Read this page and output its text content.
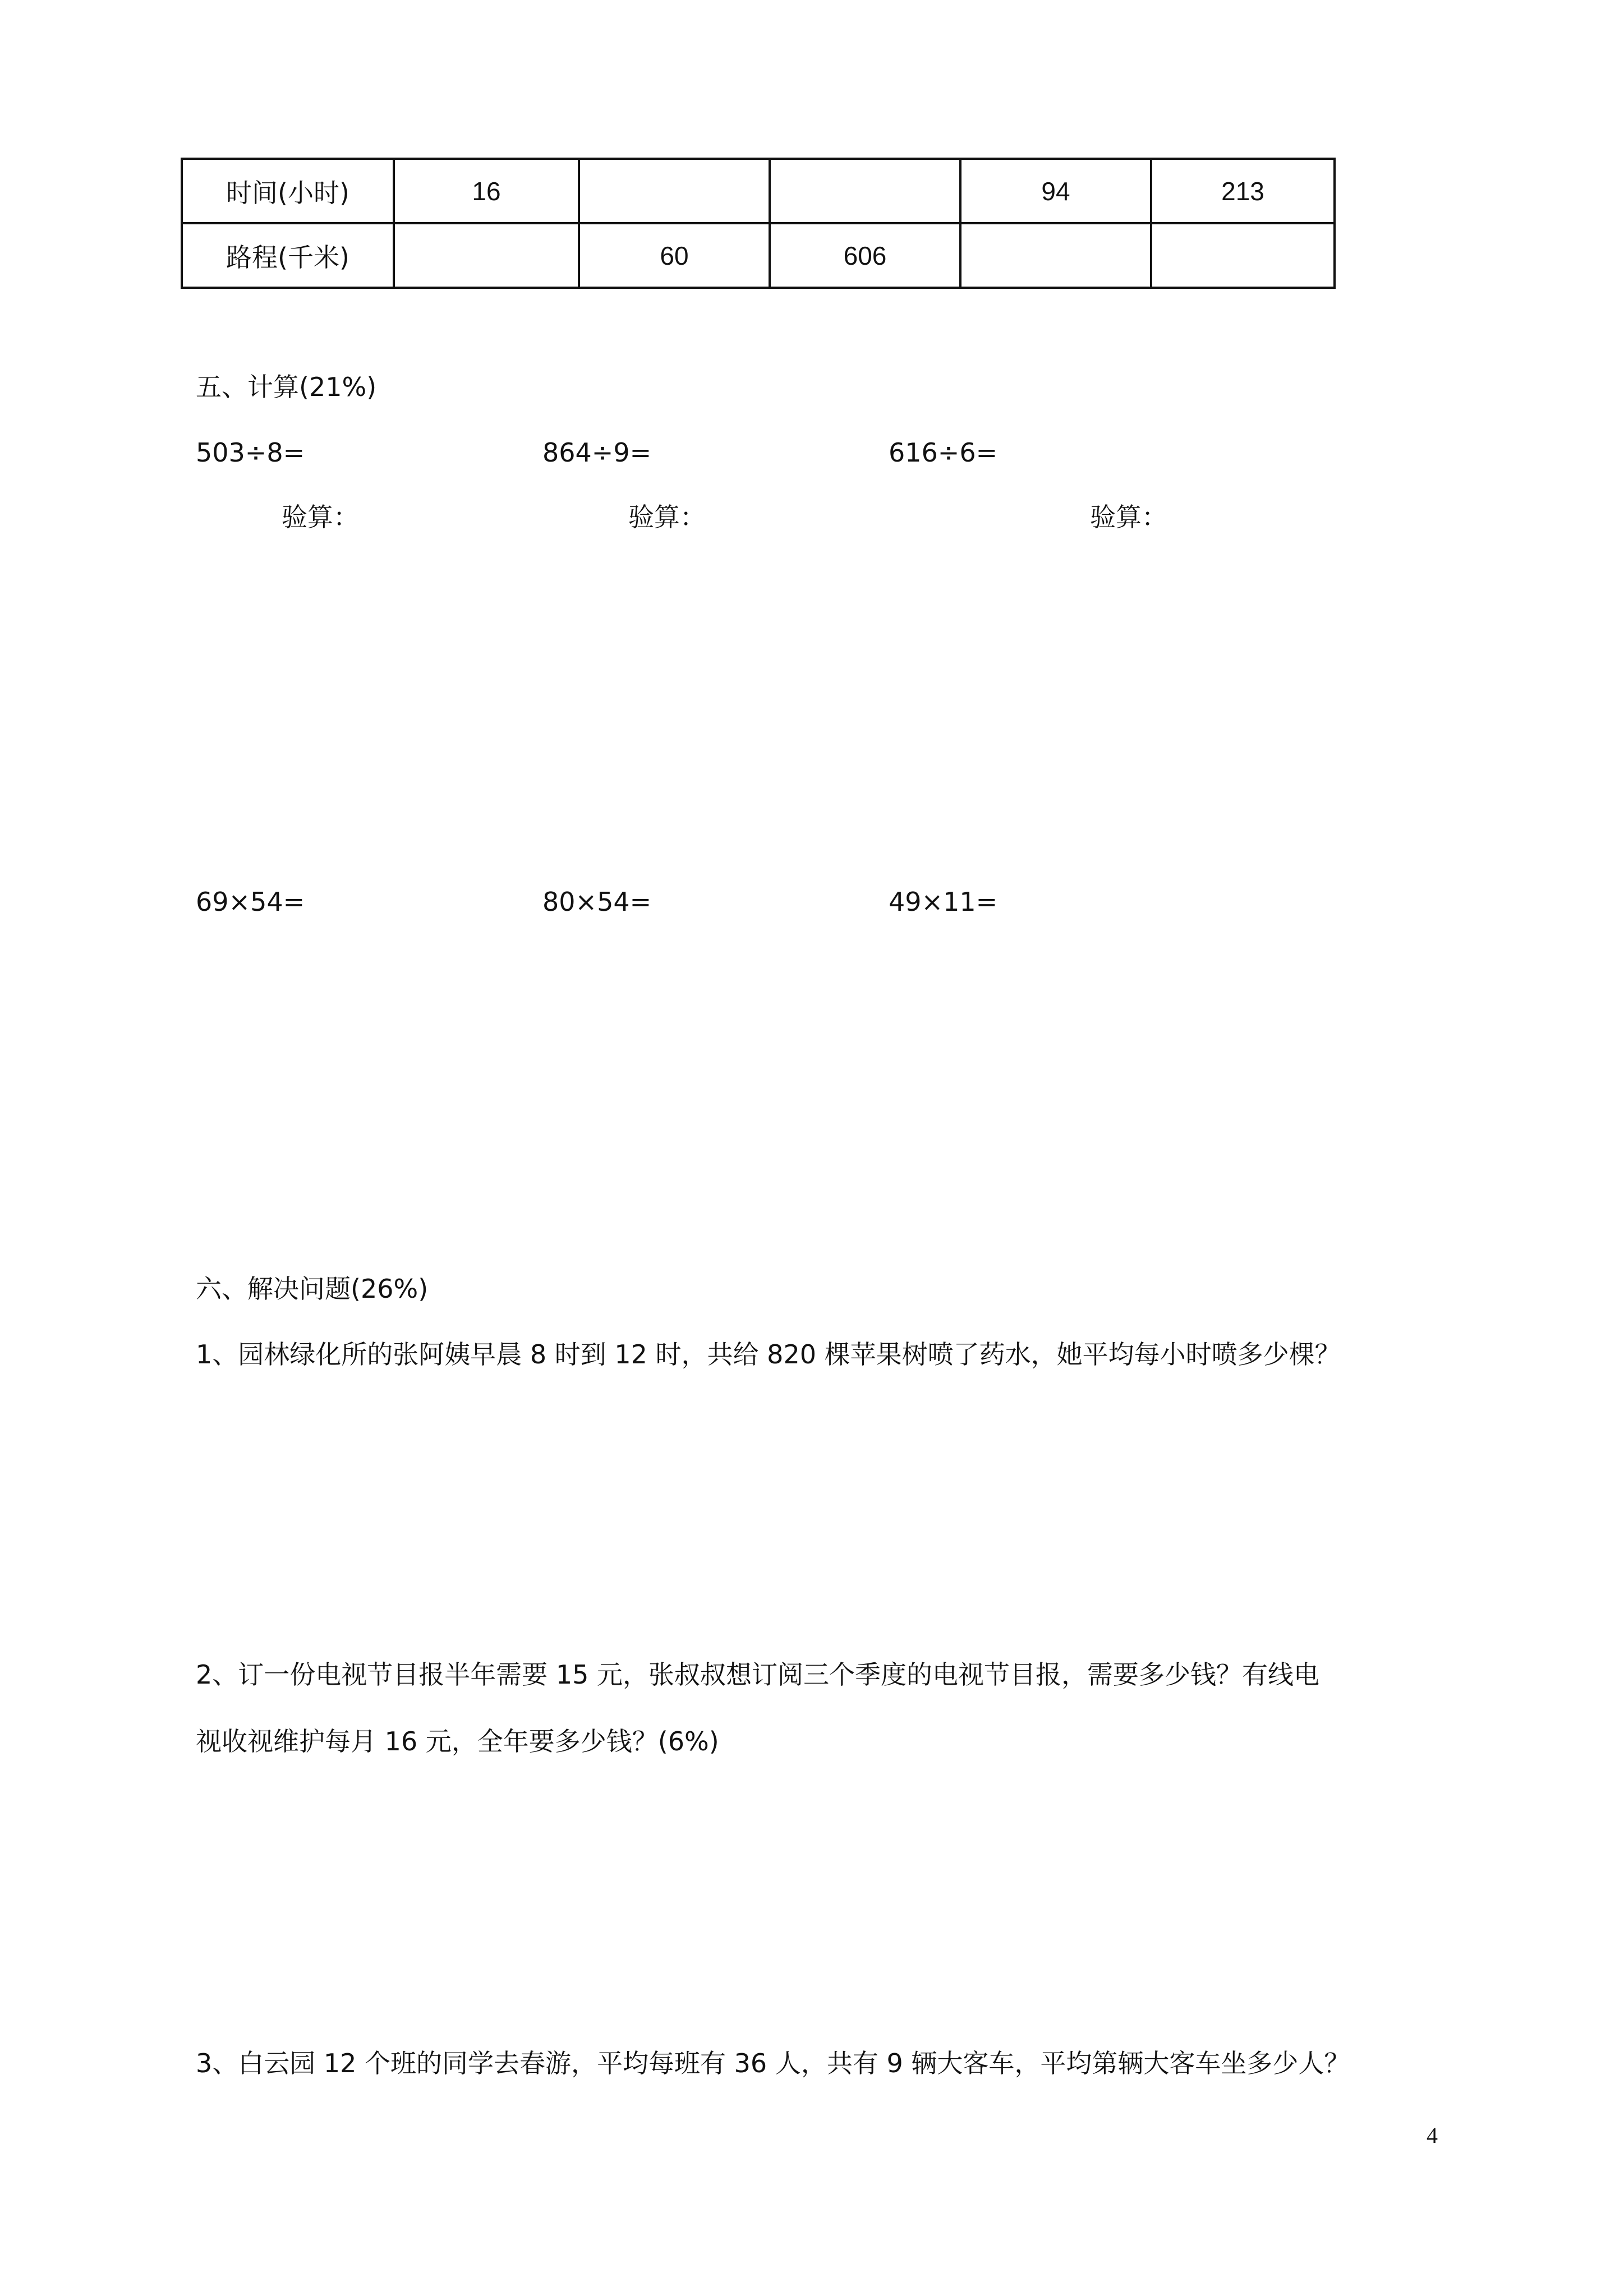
时间(小时)	16			94	213
路程(千米)		60	606		
五、计算(21%)
503÷8=	864÷9=	616÷6=
验算：	验算：	验算：
69×54=	80×54=	49×11=
六、解决问题(26%)
1、园林绿化所的张阿姨早晨 8 时到 12 时，共给 820 棵苹果树喷了药水，她平均每小时喷多少棵？
2、订一份电视节目报半年需要 15 元，张叔叔想订阅三个季度的电视节目报，需要多少钱？有线电
视收视维护每月 16 元，全年要多少钱？(6%)
3、白云园 12 个班的同学去春游，平均每班有 36 人，共有 9 辆大客车，平均第辆大客车坐多少人？
4
